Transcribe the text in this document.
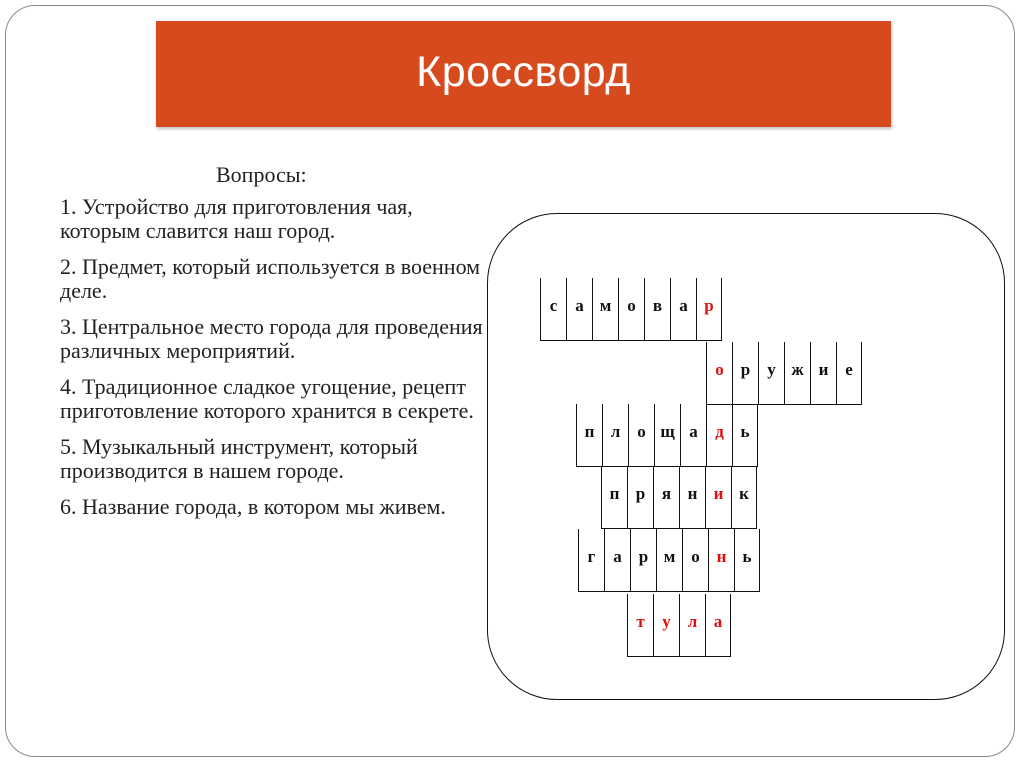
Кроссворд
Вопросы:
1. Устройство для приготовления чая, которым славится наш город.
2. Предмет, который используется в военном деле.
3. Центральное место города для проведения различных мероприятий.
4. Традиционное сладкое угощение, рецепт приготовление которого хранится в секрете.
5. Музыкальный инструмент, который производится в нашем городе.
6. Название города, в котором мы живем.
с	а м о	в	а р
о	р	у ж и е
п л о щ а	д ь
п р я н и к
г	а	р м о н ь
т	у л а
